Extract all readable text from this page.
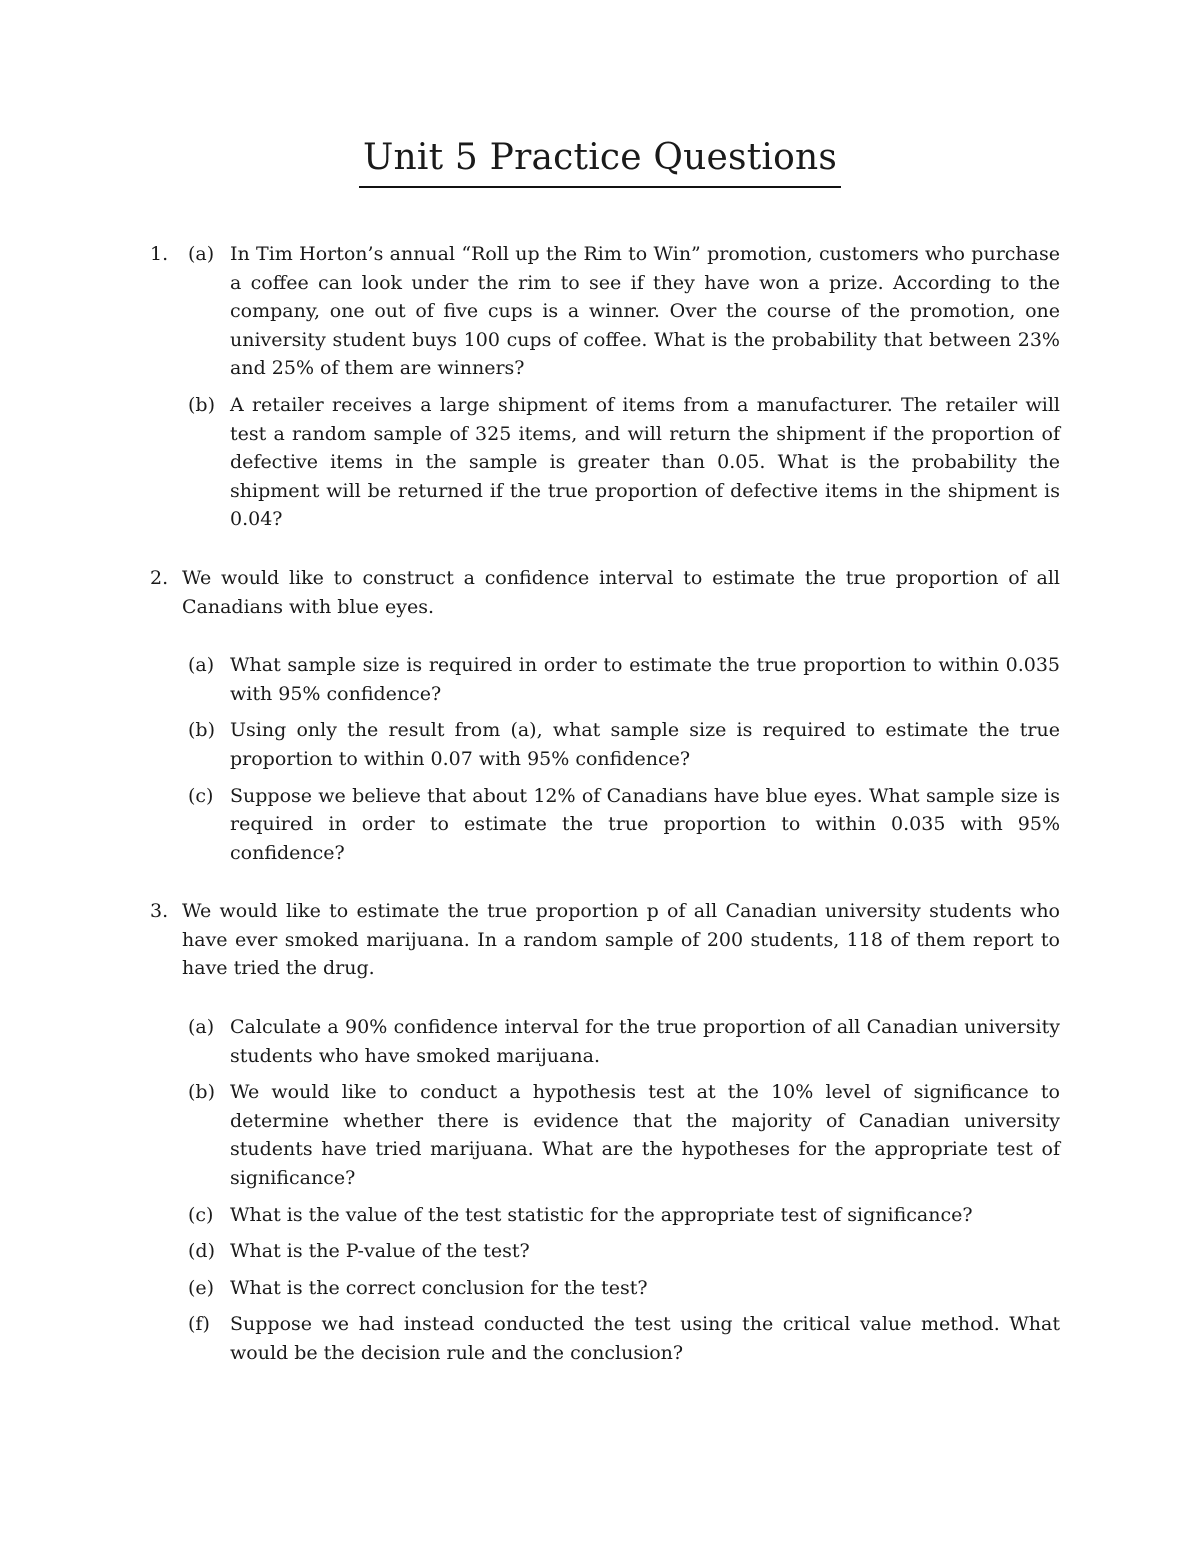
Unit 5 Practice Questions
1. (a) In Tim Horton’s annual “Roll up the Rim to Win” promotion, customers who purchase a coffee can look under the rim to see if they have won a prize. According to the company, one out of five cups is a winner. Over the course of the promotion, one university student buys 100 cups of coffee. What is the probability that between 23% and 25% of them are winners?
(b) A retailer receives a large shipment of items from a manufacturer. The retailer will test a random sample of 325 items, and will return the shipment if the proportion of defective items in the sample is greater than 0.05. What is the probability the shipment will be returned if the true proportion of defective items in the shipment is 0.04?
2. We would like to construct a confidence interval to estimate the true proportion of all Canadians with blue eyes.
(a) What sample size is required in order to estimate the true proportion to within 0.035 with 95% confidence?
(b) Using only the result from (a), what sample size is required to estimate the true proportion to within 0.07 with 95% confidence?
(c) Suppose we believe that about 12% of Canadians have blue eyes. What sample size is required in order to estimate the true proportion to within 0.035 with 95% confidence?
3. We would like to estimate the true proportion p of all Canadian university students who have ever smoked marijuana. In a random sample of 200 students, 118 of them report to have tried the drug.
(a) Calculate a 90% confidence interval for the true proportion of all Canadian university students who have smoked marijuana.
(b) We would like to conduct a hypothesis test at the 10% level of significance to determine whether there is evidence that the majority of Canadian university students have tried marijuana. What are the hypotheses for the appropriate test of significance?
(c) What is the value of the test statistic for the appropriate test of significance?
(d) What is the P-value of the test?
(e) What is the correct conclusion for the test?
(f) Suppose we had instead conducted the test using the critical value method. What would be the decision rule and the conclusion?
